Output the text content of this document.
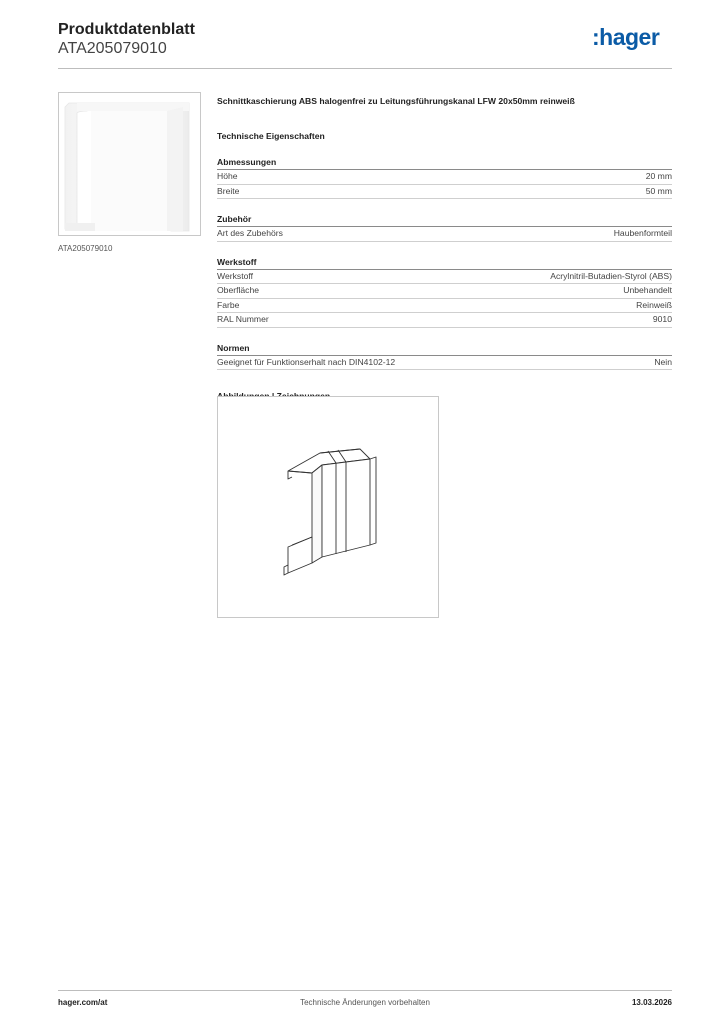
Produktdatenblatt
ATA205079010	:hager
ATA205079010

Schnittkaschierung ABS halogenfrei zu Leitungsführungskanal LFW 20x50mm reinweiß

Technische Eigenschaften

Abmessungen
Höhe	20 mm
Breite	50 mm
Zubehör
Art des Zubehörs	Haubenformteil
Werkstoff
Werkstoff	Acrylnitril-Butadien-Styrol (ABS)
Oberfläche	Unbehandelt
Farbe	Reinweiß
RAL Nummer	9010
Normen
Geeignet für Funktionserhalt nach DIN4102-12	Nein

Technische Änderungen vorbehalten
hager.com/at	13.03.2026
